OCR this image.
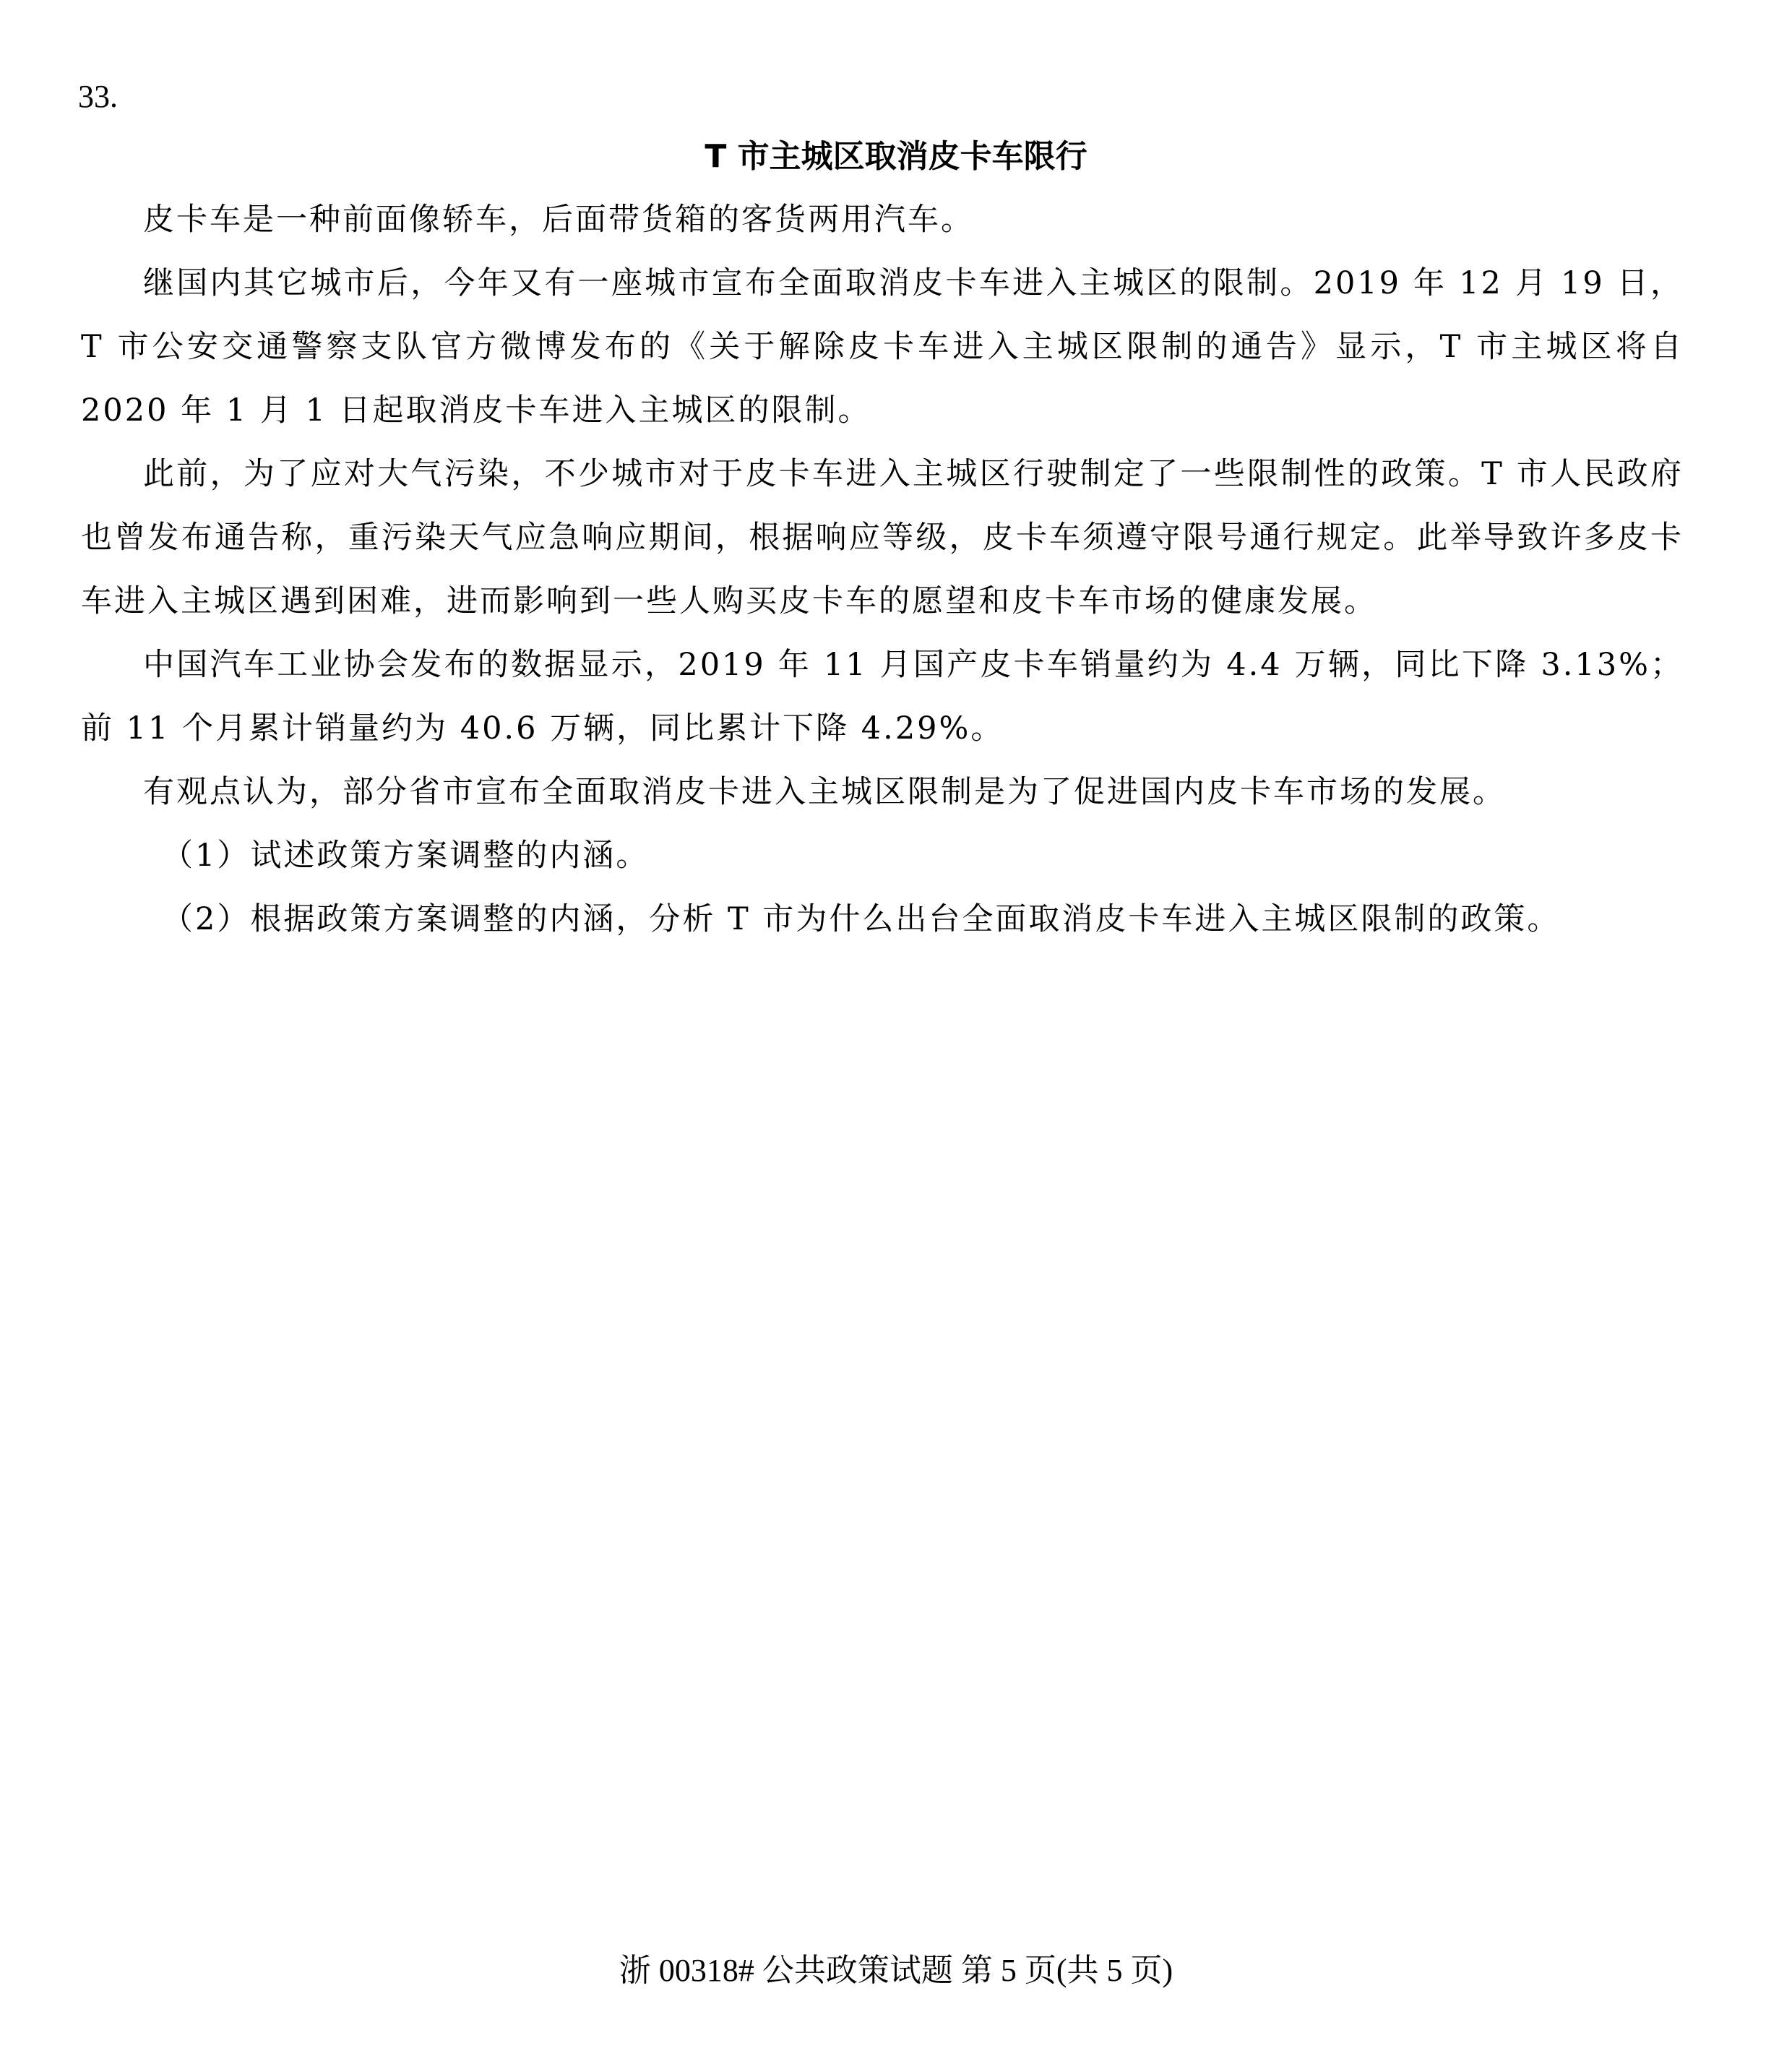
33.
T 市主城区取消皮卡车限行

皮卡车是一种前面像轿车，后面带货箱的客货两用汽车。

继国内其它城市后，今年又有一座城市宣布全面取消皮卡车进入主城区的限制。2019 年 12 月 19 日，T 市公安交通警察支队官方微博发布的《关于解除皮卡车进入主城区限制的通告》显示，T 市主城区将自 2020 年 1 月 1 日起取消皮卡车进入主城区的限制。

此前，为了应对大气污染，不少城市对于皮卡车进入主城区行驶制定了一些限制性的政策。T 市人民政府也曾发布通告称，重污染天气应急响应期间，根据响应等级，皮卡车须遵守限号通行规定。此举导致许多皮卡车进入主城区遇到困难，进而影响到一些人购买皮卡车的愿望和皮卡车市场的健康发展。

中国汽车工业协会发布的数据显示，2019 年 11 月国产皮卡车销量约为 4.4 万辆，同比下降 3.13%； 前 11 个月累计销量约为 40.6 万辆，同比累计下降 4.29%。

有观点认为，部分省市宣布全面取消皮卡进入主城区限制是为了促进国内皮卡车市场的发展。

（1）试述政策方案调整的内涵。

（2）根据政策方案调整的内涵，分析 T 市为什么出台全面取消皮卡车进入主城区限制的政策。

浙 00318# 公共政策试题 第 5 页(共 5 页)
